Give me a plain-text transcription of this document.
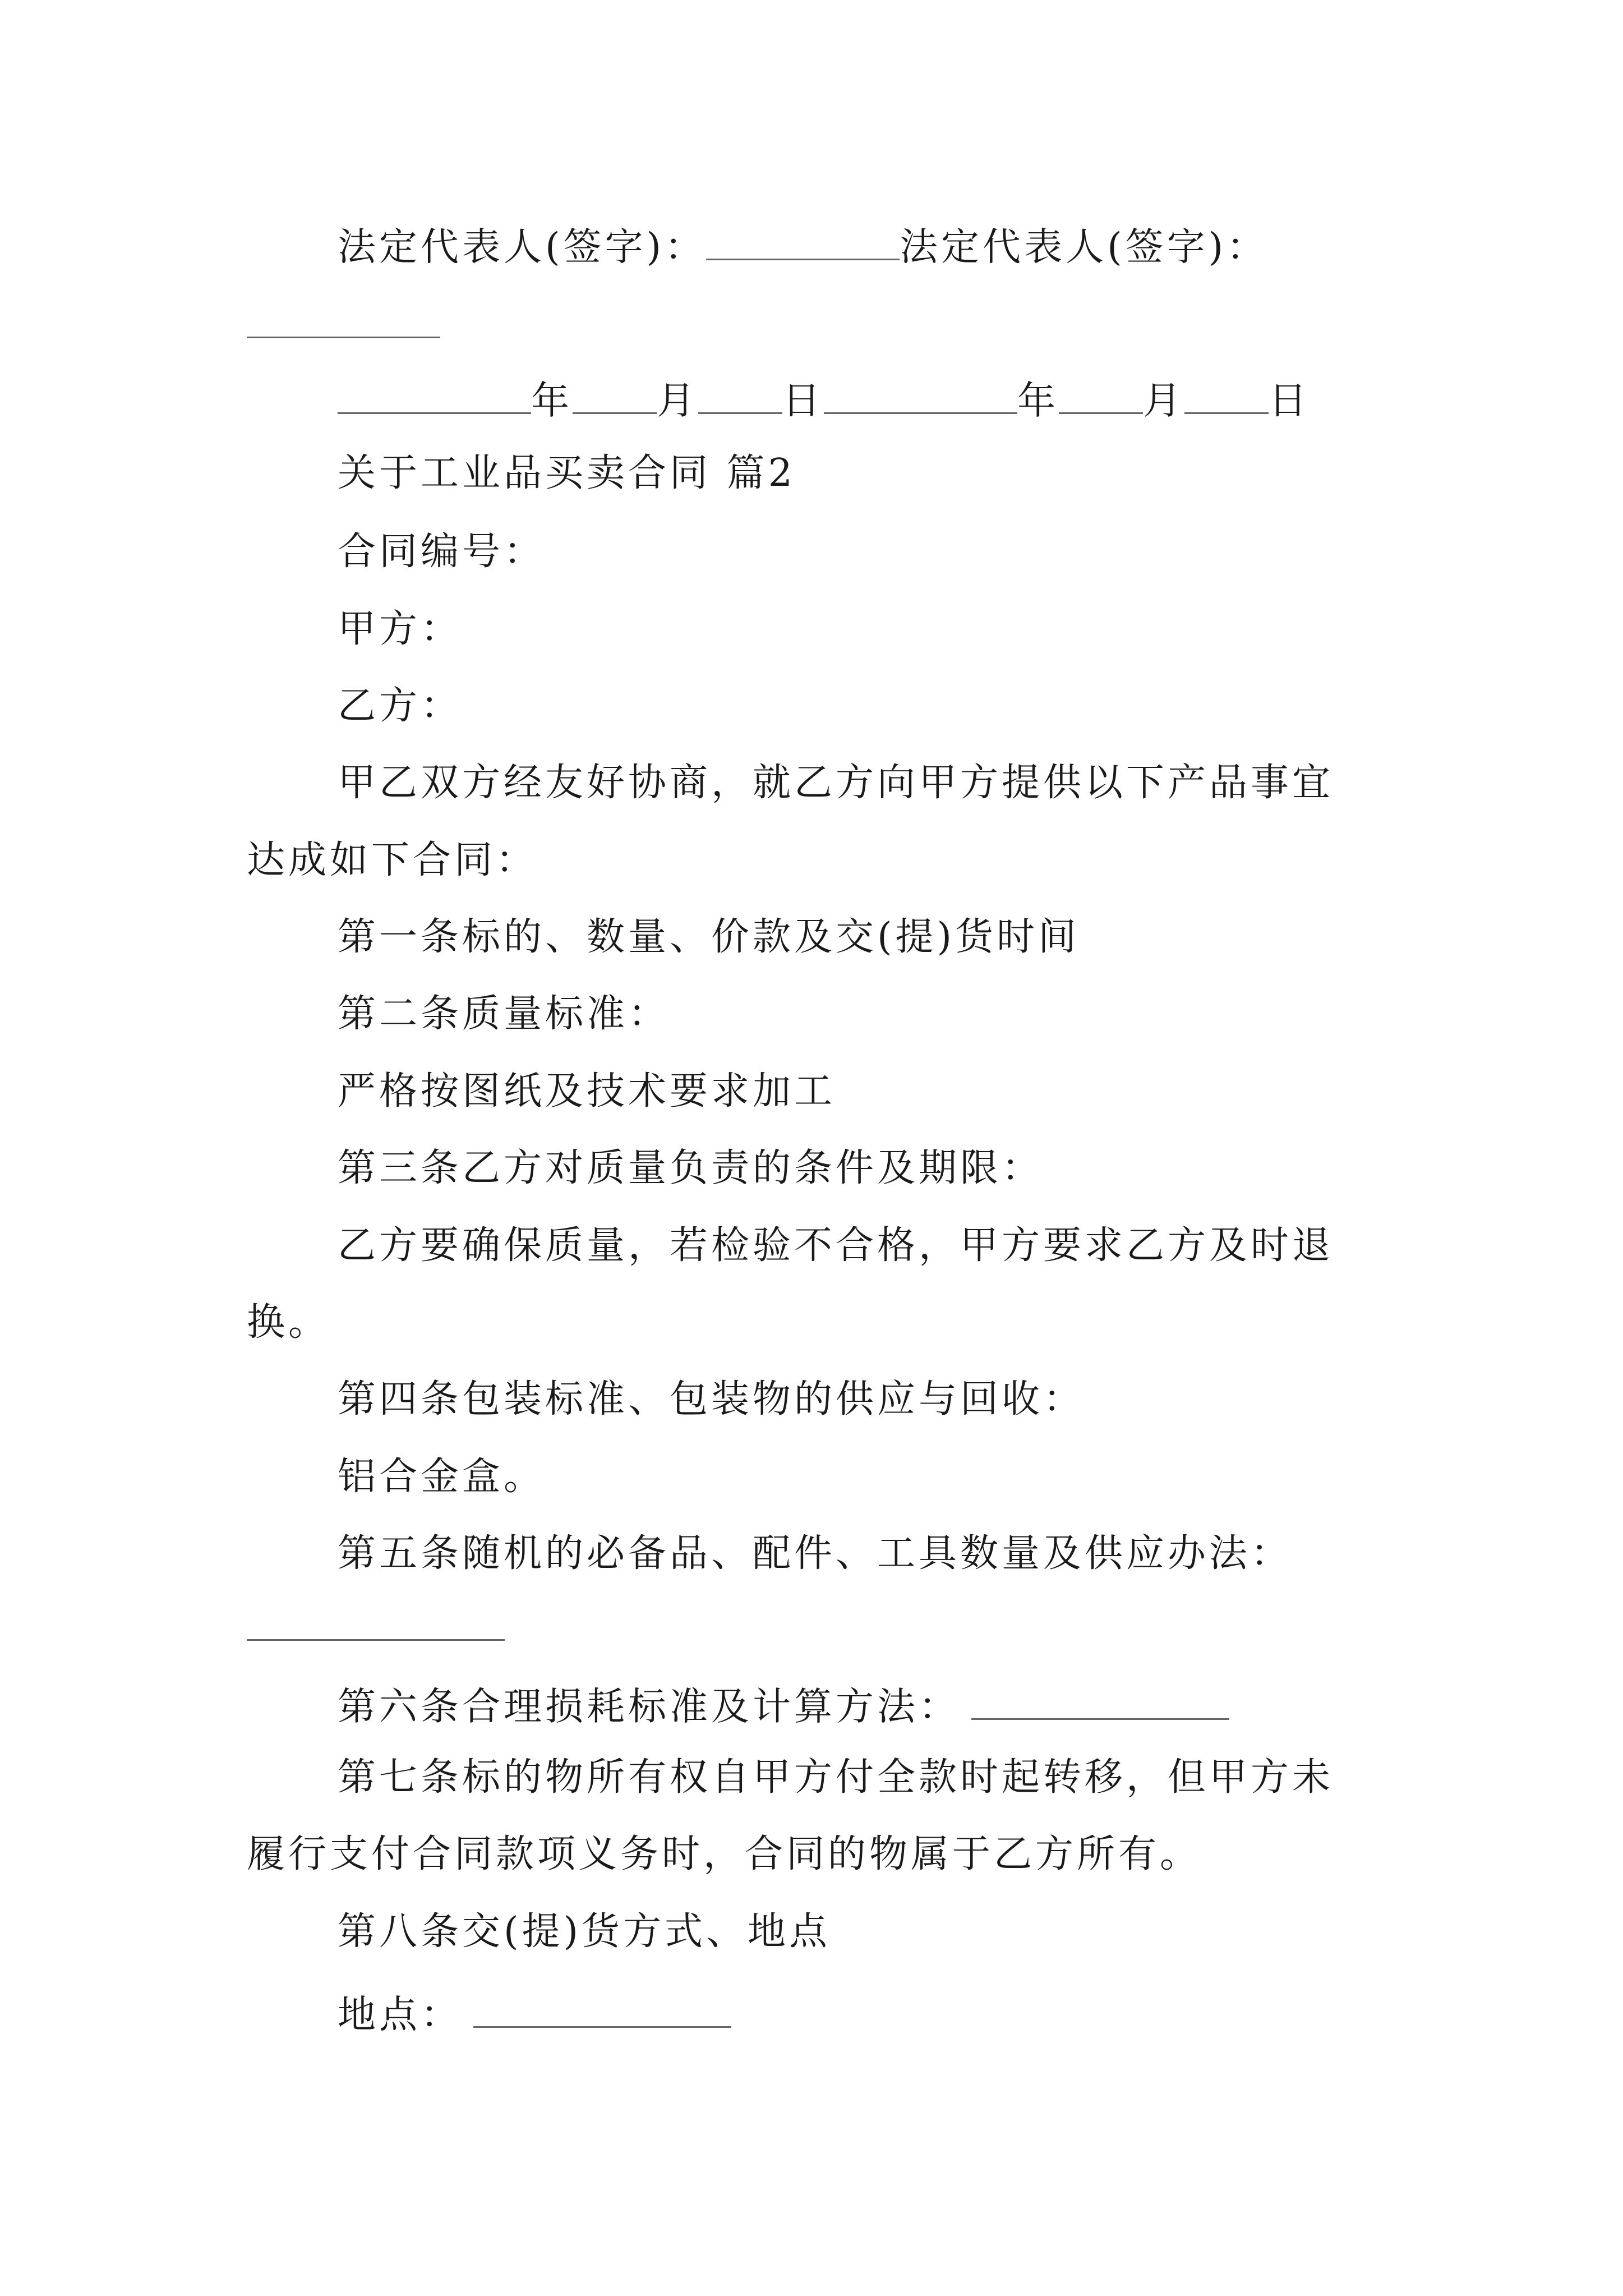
法定代表人(签字)：	法定代表人(签字)：
年 月 日	年 月 日
关于工业品买卖合同 篇2
合同编号：
甲方：
乙方：
甲乙双方经友好协商，就乙方向甲方提供以下产品事宜
达成如下合同：
第一条标的、数量、价款及交(提)货时间
第二条质量标准：
严格按图纸及技术要求加工
第三条乙方对质量负责的条件及期限：
乙方要确保质量，若检验不合格，甲方要求乙方及时退
换。
第四条包装标准、包装物的供应与回收：
铝合金盒。
第五条随机的必备品、配件、工具数量及供应办法：
第六条合理损耗标准及计算方法：
第七条标的物所有权自甲方付全款时起转移，但甲方未
履行支付合同款项义务时，合同的物属于乙方所有。
第八条交(提)货方式、地点
地点：
